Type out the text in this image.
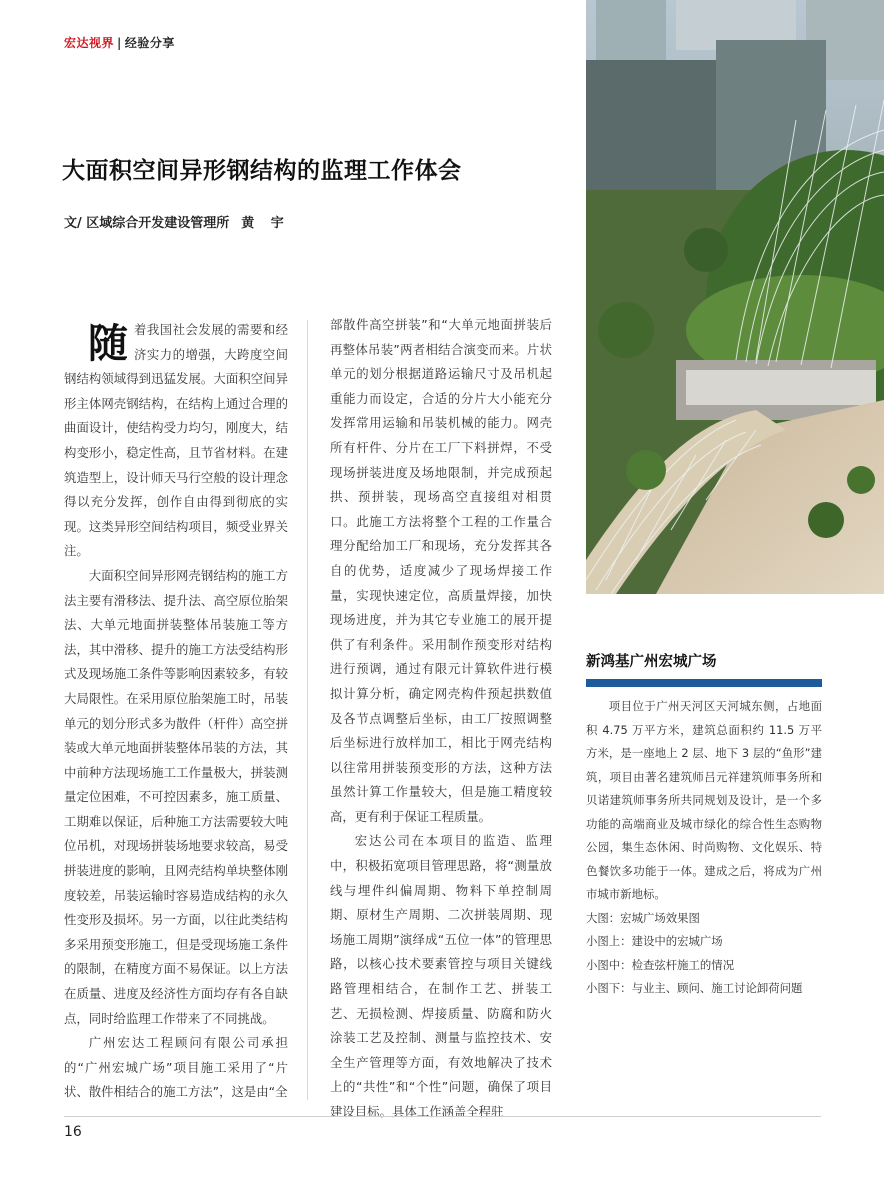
宏达视界 | 经验分享
大面积空间异形钢结构的监理工作体会
文/ 区域综合开发建设管理所 黄 宇

随着我国社会发展的需要和经济实力的增强，大跨度空间钢结构领域得到迅猛发展。大面积空间异形主体网壳钢结构，在结构上通过合理的曲面设计，使结构受力均匀，刚度大，结构变形小，稳定性高，且节省材料。在建筑造型上，设计师天马行空般的设计理念得以充分发挥，创作自由得到彻底的实现。这类异形空间结构项目，频受业界关注。

大面积空间异形网壳钢结构的施工方法主要有滑移法、提升法、高空原位胎架法、大单元地面拼装整体吊装施工等方法，其中滑移、提升的施工方法受结构形式及现场施工条件等影响因素较多，有较大局限性。在采用原位胎架施工时，吊装单元的划分形式多为散件（杆件）高空拼装或大单元地面拼装整体吊装的方法，其中前种方法现场施工工作量极大，拼装测量定位困难，不可控因素多，施工质量、工期难以保证，后种施工方法需要较大吨位吊机，对现场拼装场地要求较高，易受拼装进度的影响，且网壳结构单块整体刚度较差，吊装运输时容易造成结构的永久性变形及损坏。另一方面，以往此类结构多采用预变形施工，但是受现场施工条件的限制，在精度方面不易保证。以上方法在质量、进度及经济性方面均存有各自缺点，同时给监理工作带来了不同挑战。

广州宏达工程顾问有限公司承担的“广州宏城广场”项目施工采用了“片状、散件相结合的施工方法”，这是由“全

部散件高空拼装”和“大单元地面拼装后再整体吊装”两者相结合演变而来。片状单元的划分根据道路运输尺寸及吊机起重能力而设定，合适的分片大小能充分发挥常用运输和吊装机械的能力。网壳所有杆件、分片在工厂下料拼焊，不受现场拼装进度及场地限制，并完成预起拱、预拼装，现场高空直接组对相贯口。此施工方法将整个工程的工作量合理分配给加工厂和现场，充分发挥其各自的优势，适度减少了现场焊接工作量，实现快速定位，高质量焊接，加快现场进度，并为其它专业施工的展开提供了有利条件。采用制作预变形对结构进行预调，通过有限元计算软件进行模拟计算分析，确定网壳构件预起拱数值及各节点调整后坐标，由工厂按照调整后坐标进行放样加工，相比于网壳结构以往常用拼装预变形的方法，这种方法虽然计算工作量较大，但是施工精度较高，更有利于保证工程质量。

宏达公司在本项目的监造、监理中，积极拓宽项目管理思路，将“测量放线与埋件纠偏周期、物料下单控制周期、原材生产周期、二次拼装周期、现场施工周期”演绎成“五位一体”的管理思路，以核心技术要素管控与项目关键线路管理相结合，在制作工艺、拼装工艺、无损检测、焊接质量、防腐和防火涂装工艺及控制、测量与监控技术、安全生产管理等方面，有效地解决了技术上的“共性”和“个性”问题，确保了项目建设目标。具体工作涵盖全程驻

新鸿基广州宏城广场

项目位于广州天河区天河城东侧，占地面积 4.75 万平方米，建筑总面积约 11.5 万平方米，是一座地上 2 层、地下 3 层的“鱼形”建筑，项目由著名建筑师吕元祥建筑师事务所和贝诺建筑师事务所共同规划及设计，是一个多功能的高端商业及城市绿化的综合性生态购物公园，集生态休闲、时尚购物、文化娱乐、特色餐饮多功能于一体。建成之后，将成为广州市城市新地标。

大图：宏城广场效果图
小图上：建设中的宏城广场
小图中：检查弦杆施工的情况
小图下：与业主、顾问、施工讨论卸荷问题
16
